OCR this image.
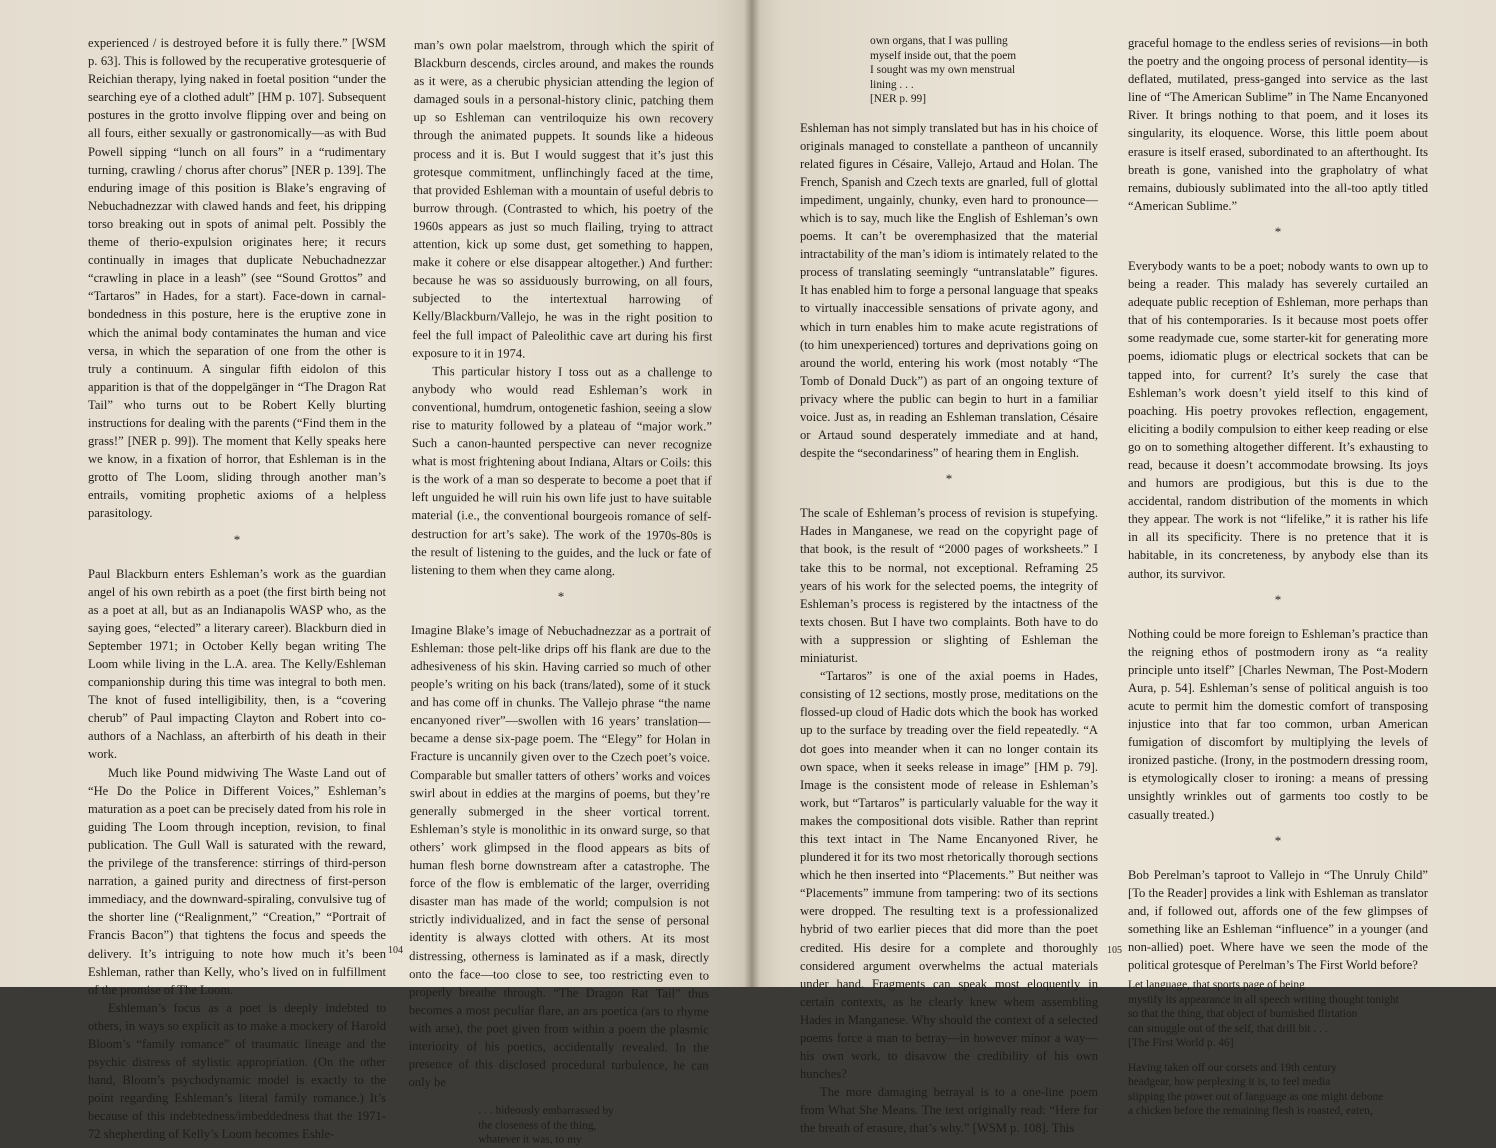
experienced / is destroyed before it is fully there.” [WSM p. 63]. This is followed by the recuperative grotesquerie of Reichian therapy, lying naked in foetal position “under the searching eye of a clothed adult” [HM p. 107]. Subsequent postures in the grotto involve flipping over and being on all fours, either sexually or gastronomically—as with Bud Powell sipping “lunch on all fours” in a “rudimentary turning, crawling / chorus after chorus” [NER p. 139]. The enduring image of this position is Blake’s engraving of Nebuchadnezzar with clawed hands and feet, his dripping torso breaking out in spots of animal pelt. Possibly the theme of therio-expulsion originates here; it recurs continually in images that duplicate Nebuchadnezzar “crawling in place in a leash” (see “Sound Grottos” and “Tartaros” in Hades, for a start). Face-down in carnal-bondedness in this posture, here is the eruptive zone in which the animal body contaminates the human and vice versa, in which the separation of one from the other is truly a continuum. A singular fifth eidolon of this apparition is that of the doppelgänger in “The Dragon Rat Tail” who turns out to be Robert Kelly blurting instructions for dealing with the parents (“Find them in the grass!” [NER p. 99]). The moment that Kelly speaks here we know, in a fixation of horror, that Eshleman is in the grotto of The Loom, sliding through another man’s entrails, vomiting prophetic axioms of a helpless parasitology.

*

Paul Blackburn enters Eshleman’s work as the guardian angel of his own rebirth as a poet (the first birth being not as a poet at all, but as an Indianapolis WASP who, as the saying goes, “elected” a literary career). Blackburn died in September 1971; in October Kelly began writing The Loom while living in the L.A. area. The Kelly/Eshleman companionship during this time was integral to both men. The knot of fused intelligibility, then, is a “covering cherub” of Paul impacting Clayton and Robert into co-authors of a Nachlass, an afterbirth of his death in their work.

Much like Pound midwiving The Waste Land out of “He Do the Police in Different Voices,” Eshleman’s maturation as a poet can be precisely dated from his role in guiding The Loom through inception, revision, to final publication. The Gull Wall is saturated with the reward, the privilege of the transference: stirrings of third-person narration, a gained purity and directness of first-person immediacy, and the downward-spiraling, convulsive tug of the shorter line (“Realignment,” “Creation,” “Portrait of Francis Bacon”) that tightens the focus and speeds the delivery. It’s intriguing to note how much it’s been Eshleman, rather than Kelly, who’s lived on in fulfillment of the promise of The Loom.

Eshleman’s focus as a poet is deeply indebted to others, in ways so explicit as to make a mockery of Harold Bloom’s “family romance” of traumatic lineage and the psychic distress of stylistic appropriation. (On the other hand, Bloom’s psychodynamic model is exactly to the point regarding Eshleman’s literal family romance.) It’s because of this indebtedness/imbeddedness that the 1971-72 shepherding of Kelly’s Loom becomes Eshle-

man’s own polar maelstrom, through which the spirit of Blackburn descends, circles around, and makes the rounds as it were, as a cherubic physician attending the legion of damaged souls in a personal-history clinic, patching them up so Eshleman can ventriloquize his own recovery through the animated puppets. It sounds like a hideous process and it is. But I would suggest that it’s just this grotesque commitment, unflinchingly faced at the time, that provided Eshleman with a mountain of useful debris to burrow through. (Contrasted to which, his poetry of the 1960s appears as just so much flailing, trying to attract attention, kick up some dust, get something to happen, make it cohere or else disappear altogether.) And further: because he was so assiduously burrowing, on all fours, subjected to the intertextual harrowing of Kelly/Blackburn/Vallejo, he was in the right position to feel the full impact of Paleolithic cave art during his first exposure to it in 1974.

This particular history I toss out as a challenge to anybody who would read Eshleman’s work in conventional, humdrum, ontogenetic fashion, seeing a slow rise to maturity followed by a plateau of “major work.” Such a canon-haunted perspective can never recognize what is most frightening about Indiana, Altars or Coils: this is the work of a man so desperate to become a poet that if left unguided he will ruin his own life just to have suitable material (i.e., the conventional bourgeois romance of self-destruction for art’s sake). The work of the 1970s-80s is the result of listening to the guides, and the luck or fate of listening to them when they came along.

*

Imagine Blake’s image of Nebuchadnezzar as a portrait of Eshleman: those pelt-like drips off his flank are due to the adhesiveness of his skin. Having carried so much of other people’s writing on his back (trans/lated), some of it stuck and has come off in chunks. The Vallejo phrase “the name encanyoned river”—swollen with 16 years’ translation—became a dense six-page poem. The “Elegy” for Holan in Fracture is uncannily given over to the Czech poet’s voice. Comparable but smaller tatters of others’ works and voices swirl about in eddies at the margins of poems, but they’re generally submerged in the sheer vortical torrent. Eshleman’s style is monolithic in its onward surge, so that others’ work glimpsed in the flood appears as bits of human flesh borne downstream after a catastrophe. The force of the flow is emblematic of the larger, overriding disaster man has made of the world; compulsion is not strictly individualized, and in fact the sense of personal identity is always clotted with others. At its most distressing, otherness is laminated as if a mask, directly onto the face—too close to see, too restricting even to properly breathe through. “The Dragon Rat Tail” thus becomes a most peculiar flare, an ars poetica (ars to rhyme with arse), the poet given from within a poem the plasmic interiority of his poetics, accidentally revealed. In the presence of this disclosed procedural turbulence, he can only be

. . . hideously embarrassed by
the closeness of the thing,
whatever it was, to my
104
own organs, that I was pulling
myself inside out, that the poem
I sought was my own menstrual
lining . . .
[NER p. 99]

Eshleman has not simply translated but has in his choice of originals managed to constellate a pantheon of uncannily related figures in Césaire, Vallejo, Artaud and Holan. The French, Spanish and Czech texts are gnarled, full of glottal impediment, ungainly, chunky, even hard to pronounce—which is to say, much like the English of Eshleman’s own poems. It can’t be overemphasized that the material intractability of the man’s idiom is intimately related to the process of translating seemingly “untranslatable” figures. It has enabled him to forge a personal language that speaks to virtually inaccessible sensations of private agony, and which in turn enables him to make acute registrations of (to him unexperienced) tortures and deprivations going on around the world, entering his work (most notably “The Tomb of Donald Duck”) as part of an ongoing texture of privacy where the public can begin to hurt in a familiar voice. Just as, in reading an Eshleman translation, Césaire or Artaud sound desperately immediate and at hand, despite the “secondariness” of hearing them in English.

*

The scale of Eshleman’s process of revision is stupefying. Hades in Manganese, we read on the copyright page of that book, is the result of “2000 pages of worksheets.” I take this to be normal, not exceptional. Reframing 25 years of his work for the selected poems, the integrity of Eshleman’s process is registered by the intactness of the texts chosen. But I have two complaints. Both have to do with a suppression or slighting of Eshleman the miniaturist.

“Tartaros” is one of the axial poems in Hades, consisting of 12 sections, mostly prose, meditations on the flossed-up cloud of Hadic dots which the book has worked up to the surface by treading over the field repeatedly. “A dot goes into meander when it can no longer contain its own space, when it seeks release in image” [HM p. 79]. Image is the consistent mode of release in Eshleman’s work, but “Tartaros” is particularly valuable for the way it makes the compositional dots visible. Rather than reprint this text intact in The Name Encanyoned River, he plundered it for its two most rhetorically thorough sections which he then inserted into “Placements.” But neither was “Placements” immune from tampering: two of its sections were dropped. The resulting text is a professionalized hybrid of two earlier pieces that did more than the poet credited. His desire for a complete and thoroughly considered argument overwhelms the actual materials under hand. Fragments can speak most eloquently in certain contexts, as he clearly knew whem assembling Hades in Manganese. Why should the context of a selected poems force a man to betray—in however minor a way—his own work, to disavow the credibility of his own hunches?

The more damaging betrayal is to a one-line poem from What She Means. The text originally read: “Here for the breath of erasure, that’s why.” [WSM p. 108]. This

graceful homage to the endless series of revisions—in both the poetry and the ongoing process of personal identity—is deflated, mutilated, press-ganged into service as the last line of “The American Sublime” in The Name Encanyoned River. It brings nothing to that poem, and it loses its singularity, its eloquence. Worse, this little poem about erasure is itself erased, subordinated to an afterthought. Its breath is gone, vanished into the grapholatry of what remains, dubiously sublimated into the all-too aptly titled “American Sublime.”

*

Everybody wants to be a poet; nobody wants to own up to being a reader. This malady has severely curtailed an adequate public reception of Eshleman, more perhaps than that of his contemporaries. Is it because most poets offer some readymade cue, some starter-kit for generating more poems, idiomatic plugs or electrical sockets that can be tapped into, for current? It’s surely the case that Eshleman’s work doesn’t yield itself to this kind of poaching. His poetry provokes reflection, engagement, eliciting a bodily compulsion to either keep reading or else go on to something altogether different. It’s exhausting to read, because it doesn’t accommodate browsing. Its joys and humors are prodigious, but this is due to the accidental, random distribution of the moments in which they appear. The work is not “lifelike,” it is rather his life in all its specificity. There is no pretence that it is habitable, in its concreteness, by anybody else than its author, its survivor.

*

Nothing could be more foreign to Eshleman’s practice than the reigning ethos of postmodern irony as “a reality principle unto itself” [Charles Newman, The Post-Modern Aura, p. 54]. Eshleman’s sense of political anguish is too acute to permit him the domestic comfort of transposing injustice into that far too common, urban American fumigation of discomfort by multiplying the levels of ironized pastiche. (Irony, in the postmodern dressing room, is etymologically closer to ironing: a means of pressing unsightly wrinkles out of garments too costly to be casually treated.)

*

Bob Perelman’s taproot to Vallejo in “The Unruly Child” [To the Reader] provides a link with Eshleman as translator and, if followed out, affords one of the few glimpses of something like an Eshleman “influence” in a younger (and non-allied) poet. Where have we seen the mode of the political grotesque of Perelman’s The First World before?

Let language, that sports page of being
mystify its appearance in all speech writing thought tonight
so that the thing, that object of burnished flirtation
can smuggle out of the self, that drill bit . . .
[The First World p. 46]
Having taken off our corsets and 19th century
headgear, how perplexing it is, to feel media
slipping the power out of language as one might debone
a chicken before the remaining flesh is roasted, eaten,
105
